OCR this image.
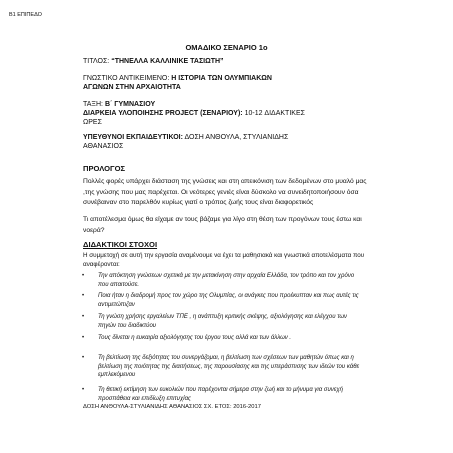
Β1 ΕΠΙΠΕΔΟ
ΟΜΑΔΙΚΟ ΣΕΝΑΡΙΟ 1ο
ΤΙΤΛΟΣ: “ΤΗΝΕΛΛΑ ΚΑΛΛΙΝΙΚΕ ΤΑΣΙΩΤΗ”
ΓΝΩΣΤΙΚΟ ΑΝΤΙΚΕΙΜΕΝΟ: Η ΙΣΤΟΡΙΑ ΤΩΝ ΟΛΥΜΠΙΑΚΩΝ
ΑΓΩΝΩΝ ΣΤΗΝ ΑΡΧΑΙΟΤΗΤΑ
ΤΑΞΗ: Β΄ ΓΥΜΝΑΣΙΟΥ
ΔΙΑΡΚΕΙΑ ΥΛΟΠΟΙΗΣΗΣ PROJECT (ΣΕΝΑΡΙΟΥ): 10-12 ΔΙΔΑΚΤΙΚΕΣ
ΩΡΕΣ
ΥΠΕΥΘΥΝΟΙ ΕΚΠΑΙΔΕΥΤΙΚΟΙ: ΔΟΣΗ ΑΝΘΟΥΛΑ, ΣΤΥΛΙΑΝΙΔΗΣ
ΑΘΑΝΑΣΙΟΣ
ΠΡΟΛΟΓΟΣ
Πολλές φορές υπάρχει διάσταση της γνώσεις και στη απεικόνιση των δεδομένων στο μυαλό μας ,της γνώσης που μας παρέχεται. Οι νεότερες γενιές είναι δύσκολο να συνειδητοποιήσουν όσα συνέβαιναν στο παρελθόν κυρίως γιατί ο τρόπος ζωής τους είναι διαφορετικός
Τι αποτέλεσμα όμως θα είχαμε αν τους βάζαμε για λίγο στη θέση των προγόνων τους έστω και νοερά?
ΔΙΔΑΚΤΙΚΟΙ ΣΤΟΧΟΙ
Η συμμετοχή σε αυτή την εργασία αναμένουμε να έχει τα μαθησιακά και γνωστικά αποτελέσματα που αναφέρονται:
•	Την απόκτηση γνώσεων σχετικά με την μετακίνηση στην αρχαία Ελλάδα, τον τρόπο και τον χρόνο που απαιτούσε.
•	Ποια ήταν η διαδρομή προς τον χώρο της Ολυμπίας, οι ανάγκες που προέκυπταν και πως αυτές τις αντιμετώπιζαν
•	Τη γνώση χρήσης εργαλείων ΤΠΕ , η ανάπτυξη κριτικής σκέψης, αξιολόγησης και ελέγχου των πηγών του διαδικτύου
•	Τους δίνεται η ευκαιρία αξιολόγησης του έργου τους αλλά και των άλλων .
•	Τη βελτίωση της δεξιότητας του συνεργάζομαι, η βελτίωση των σχέσεων των μαθητών όπως και η βελτίωση της ποιότητας της διαιτήσεως, της παρουσίασης και της υπεράσπισης των ιδεών του κάθε εμπλεκόμενου
•	Τη θετική εκτίμηση των ευκολιών που παρέχονται σήμερα στην ζωή και το μήνυμα για συνεχή προσπάθεια και επιδίωξη επιτυχίας
ΔΟΣΗ ΑΝΘΟΥΛΑ-ΣΤΥΛΙΑΝΙΔΗΣ ΑΘΑΝΑΣΙΟΣ ΣΧ. ΕΤΟΣ: 2016-2017
